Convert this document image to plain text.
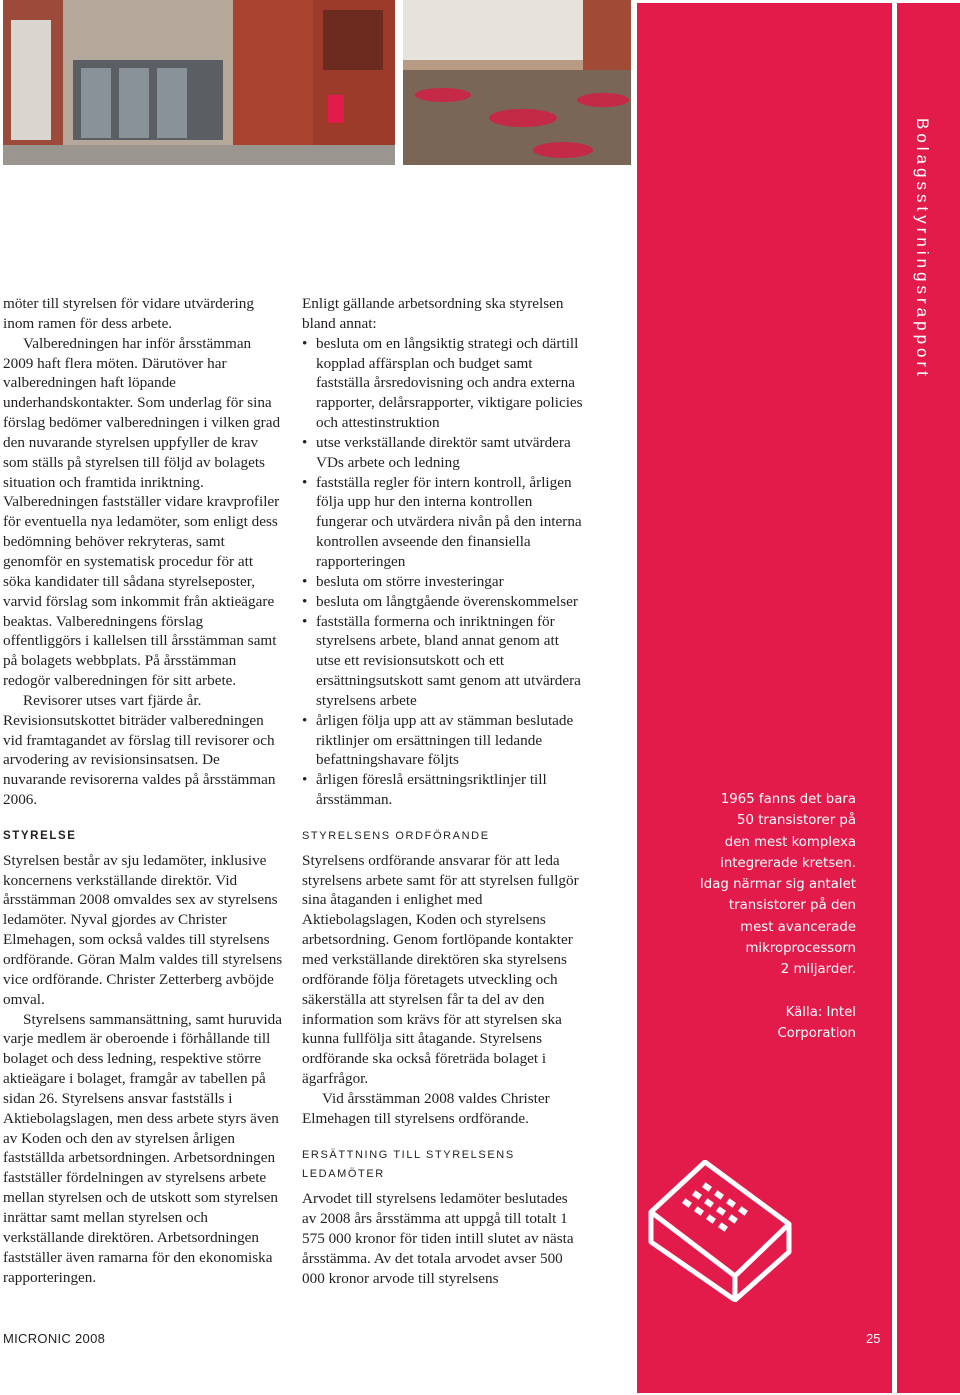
möter till styrelsen för vidare utvärdering inom ramen för dess arbete.

Valberedningen har inför årsstämman 2009 haft flera möten. Därutöver har valberedningen haft löpande underhandskontakter. Som underlag för sina förslag bedömer valberedningen i vilken grad den nuvarande styrelsen uppfyller de krav som ställs på styrelsen till följd av bolagets situation och framtida inriktning. Valberedningen fastställer vidare kravprofiler för eventuella nya ledamöter, som enligt dess bedömning behöver rekryteras, samt genomför en systematisk procedur för att söka kandidater till sådana styrelseposter, varvid förslag som inkommit från aktieägare beaktas. Valberedningens förslag offentliggörs i kallelsen till årsstämman samt på bolagets webbplats. På årsstämman redogör valberedningen för sitt arbete.

Revisorer utses vart fjärde år. Revisionsutskottet biträder valberedningen vid framtagandet av förslag till revisorer och arvodering av revisionsinsatsen. De nuvarande revisorerna valdes på årsstämman 2006.

STYRELSE

Styrelsen består av sju ledamöter, inklusive koncernens verkställande direktör. Vid årsstämman 2008 omvaldes sex av styrelsens ledamöter. Nyval gjordes av Christer Elmehagen, som också valdes till styrelsens ordförande. Göran Malm valdes till styrelsens vice ordförande. Christer Zetterberg avböjde omval.

Styrelsens sammansättning, samt huruvida varje medlem är oberoende i förhållande till bolaget och dess ledning, respektive större aktieägare i bolaget, framgår av tabellen på sidan 26. Styrelsens ansvar fastställs i Aktiebolagslagen, men dess arbete styrs även av Koden och den av styrelsen årligen fastställda arbetsordningen. Arbetsordningen fastställer fördelningen av styrelsens arbete mellan styrelsen och de utskott som styrelsen inrättar samt mellan styrelsen och verkställande direktören. Arbetsordningen fastställer även ramarna för den ekonomiska rapporteringen.

Enligt gällande arbetsordning ska styrelsen bland annat:

• besluta om en långsiktig strategi och därtill kopplad affärsplan och budget samt fastställa årsredovisning och andra externa rapporter, delårsrapporter, viktigare policies och attestinstruktion
• utse verkställande direktör samt utvärdera VDs arbete och ledning
• fastställa regler för intern kontroll, årligen följa upp hur den interna kontrollen fungerar och utvärdera nivån på den interna kontrollen avseende den finansiella rapporteringen
• besluta om större investeringar
• besluta om långtgående överenskommelser
• fastställa formerna och inriktningen för styrelsens arbete, bland annat genom att utse ett revisionsutskott och ett ersättningsutskott samt genom att utvärdera styrelsens arbete
• årligen följa upp att av stämman beslutade riktlinjer om ersättningen till ledande befattningshavare följts
• årligen föreslå ersättningsriktlinjer till årsstämman.

STYRELSENS ORDFÖRANDE

Styrelsens ordförande ansvarar för att leda styrelsens arbete samt för att styrelsen fullgör sina åtaganden i enlighet med Aktiebolagslagen, Koden och styrelsens arbetsordning. Genom fortlöpande kontakter med verkställande direktören ska styrelsens ordförande följa företagets utveckling och säkerställa att styrelsen får ta del av den information som krävs för att styrelsen ska kunna fullfölja sitt åtagande. Styrelsens ordförande ska också företräda bolaget i ägarfrågor.

Vid årsstämman 2008 valdes Christer Elmehagen till styrelsens ordförande.

ERSÄTTNING TILL STYRELSENS LEDAMÖTER

Arvodet till styrelsens ledamöter beslutades av 2008 års årsstämma att uppgå till totalt 1 575 000 kronor för tiden intill slutet av nästa årsstämma. Av det totala arvodet avser 500 000 kronor arvode till styrelsens

Bolagsstyrningsrapport

1965 fanns det bara

50 transistorer på

den mest komplexa

integrerade kretsen.

Idag närmar sig antalet

transistorer på den

mest avancerade

mikroprocessorn

2 miljarder.

Källa: Intel

Corporation

MICRONIC 2008	25
